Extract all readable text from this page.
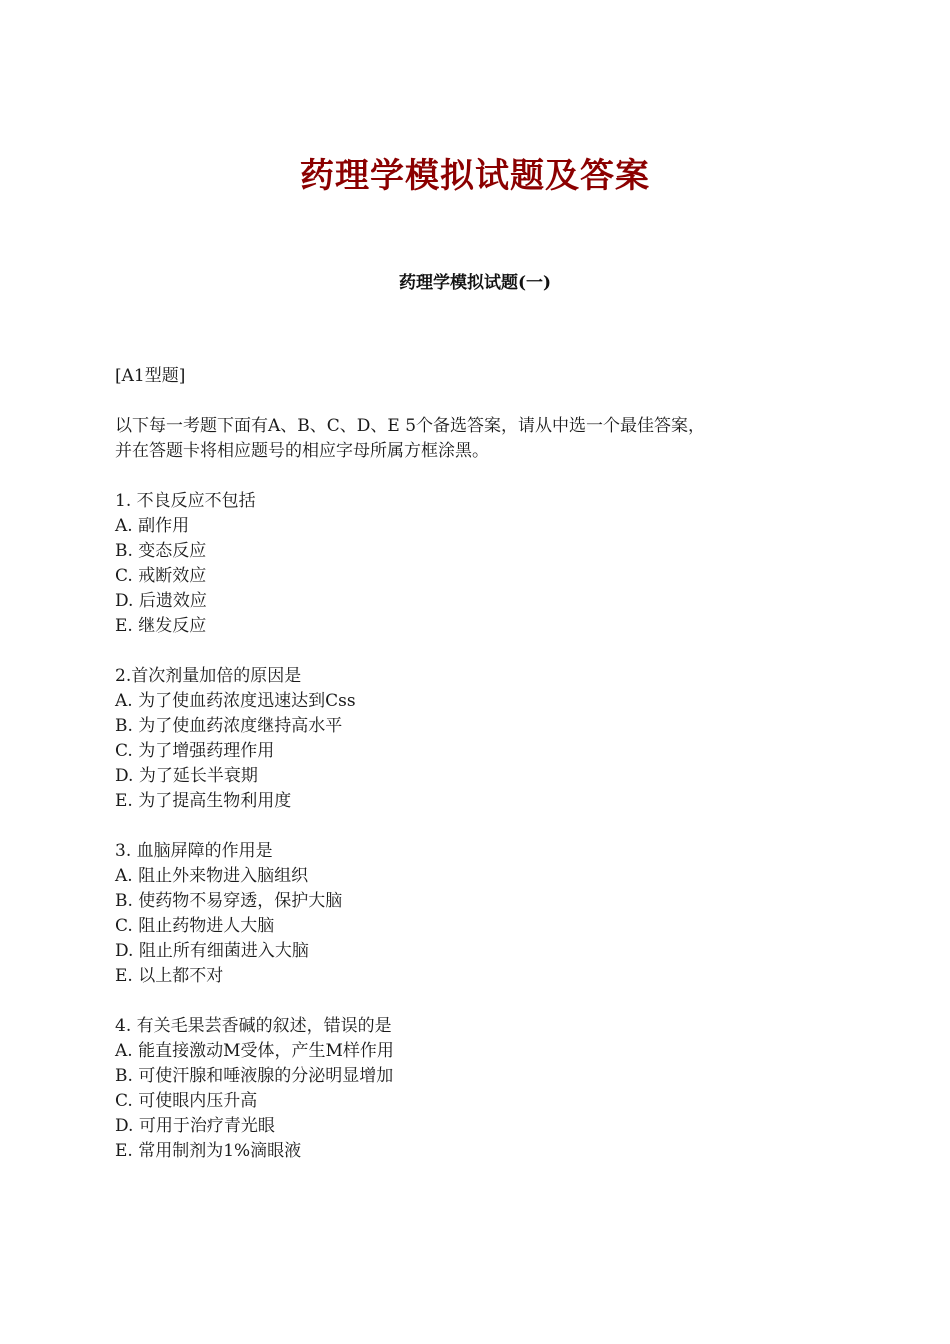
药理学模拟试题及答案
药理学模拟试题(一)
[A1型题]
以下每一考题下面有A、B、C、D、E 5个备选答案，请从中选一个最佳答案，
并在答题卡将相应题号的相应字母所属方框涂黑。
1. 不良反应不包括
A. 副作用
B. 变态反应
C. 戒断效应
D. 后遗效应
E. 继发反应
2.首次剂量加倍的原因是
A. 为了使血药浓度迅速达到Css
B. 为了使血药浓度继持高水平
C. 为了增强药理作用
D. 为了延长半衰期
E. 为了提高生物利用度
3. 血脑屏障的作用是
A. 阻止外来物进入脑组织
B. 使药物不易穿透，保护大脑
C. 阻止药物进人大脑
D. 阻止所有细菌进入大脑
E. 以上都不对
4. 有关毛果芸香碱的叙述，错误的是
A. 能直接激动M受体，产生M样作用
B. 可使汗腺和唾液腺的分泌明显增加
C. 可使眼内压升高
D. 可用于治疗青光眼
E. 常用制剂为1%滴眼液
